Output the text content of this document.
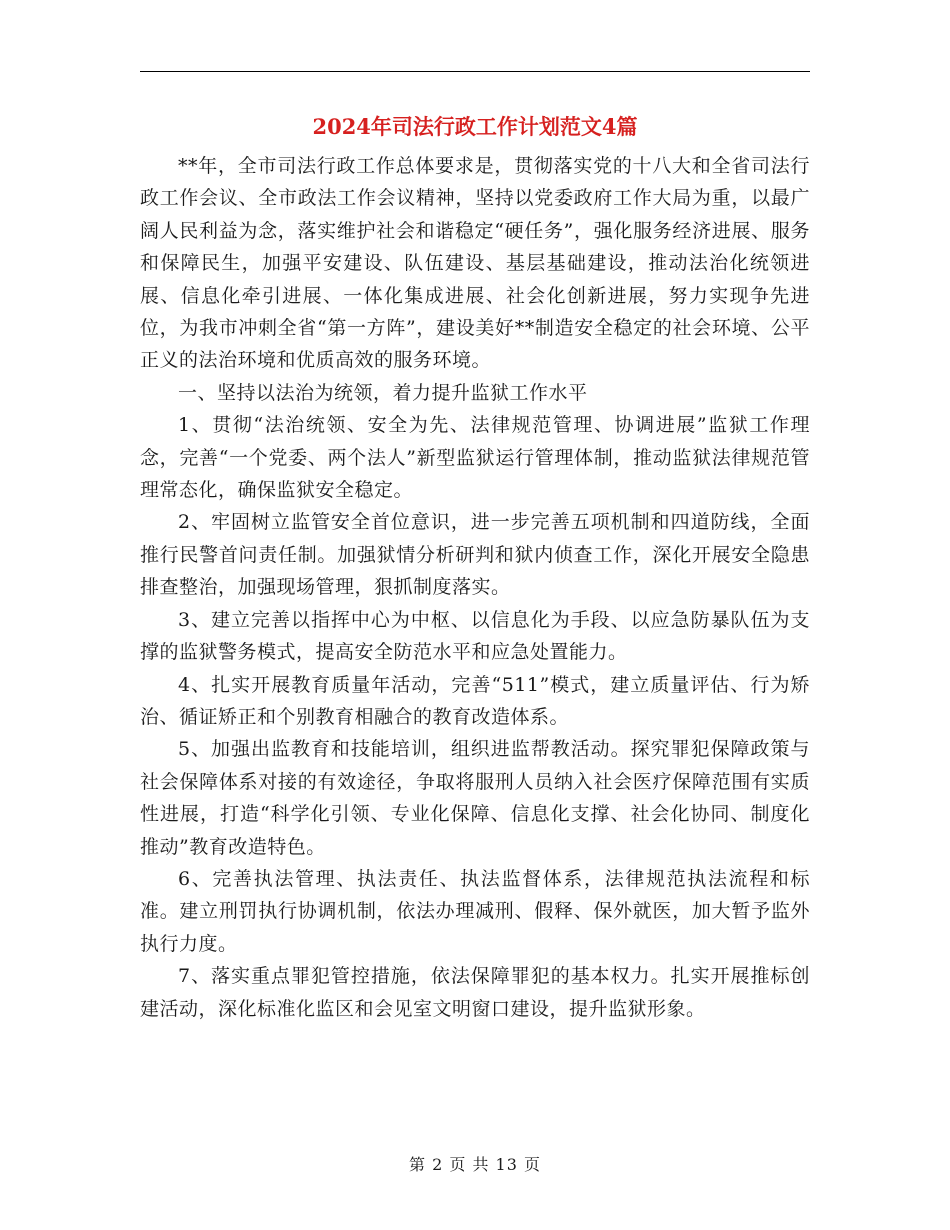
2024年司法行政工作计划范文4篇

**年，全市司法行政工作总体要求是，贯彻落实党的十八大和全省司法行政工作会议、全市政法工作会议精神，坚持以党委政府工作大局为重，以最广阔人民利益为念，落实维护社会和谐稳定“硬任务”，强化服务经济进展、服务和保障民生，加强平安建设、队伍建设、基层基础建设，推动法治化统领进展、信息化牵引进展、一体化集成进展、社会化创新进展，努力实现争先进位，为我市冲刺全省“第一方阵”，建设美好**制造安全稳定的社会环境、公平正义的法治环境和优质高效的服务环境。

一、坚持以法治为统领，着力提升监狱工作水平

1、贯彻“法治统领、安全为先、法律规范管理、协调进展”监狱工作理念，完善“一个党委、两个法人”新型监狱运行管理体制，推动监狱法律规范管理常态化，确保监狱安全稳定。

2、牢固树立监管安全首位意识，进一步完善五项机制和四道防线，全面推行民警首问责任制。加强狱情分析研判和狱内侦查工作，深化开展安全隐患排查整治，加强现场管理，狠抓制度落实。

3、建立完善以指挥中心为中枢、以信息化为手段、以应急防暴队伍为支撑的监狱警务模式，提高安全防范水平和应急处置能力。

4、扎实开展教育质量年活动，完善“511”模式，建立质量评估、行为矫治、循证矫正和个别教育相融合的教育改造体系。

5、加强出监教育和技能培训，组织进监帮教活动。探究罪犯保障政策与社会保障体系对接的有效途径，争取将服刑人员纳入社会医疗保障范围有实质性进展，打造“科学化引领、专业化保障、信息化支撑、社会化协同、制度化推动”教育改造特色。

6、完善执法管理、执法责任、执法监督体系，法律规范执法流程和标准。建立刑罚执行协调机制，依法办理减刑、假释、保外就医，加大暂予监外执行力度。

7、落实重点罪犯管控措施，依法保障罪犯的基本权力。扎实开展推标创建活动，深化标准化监区和会见室文明窗口建设，提升监狱形象。

第 2 页 共 13 页
